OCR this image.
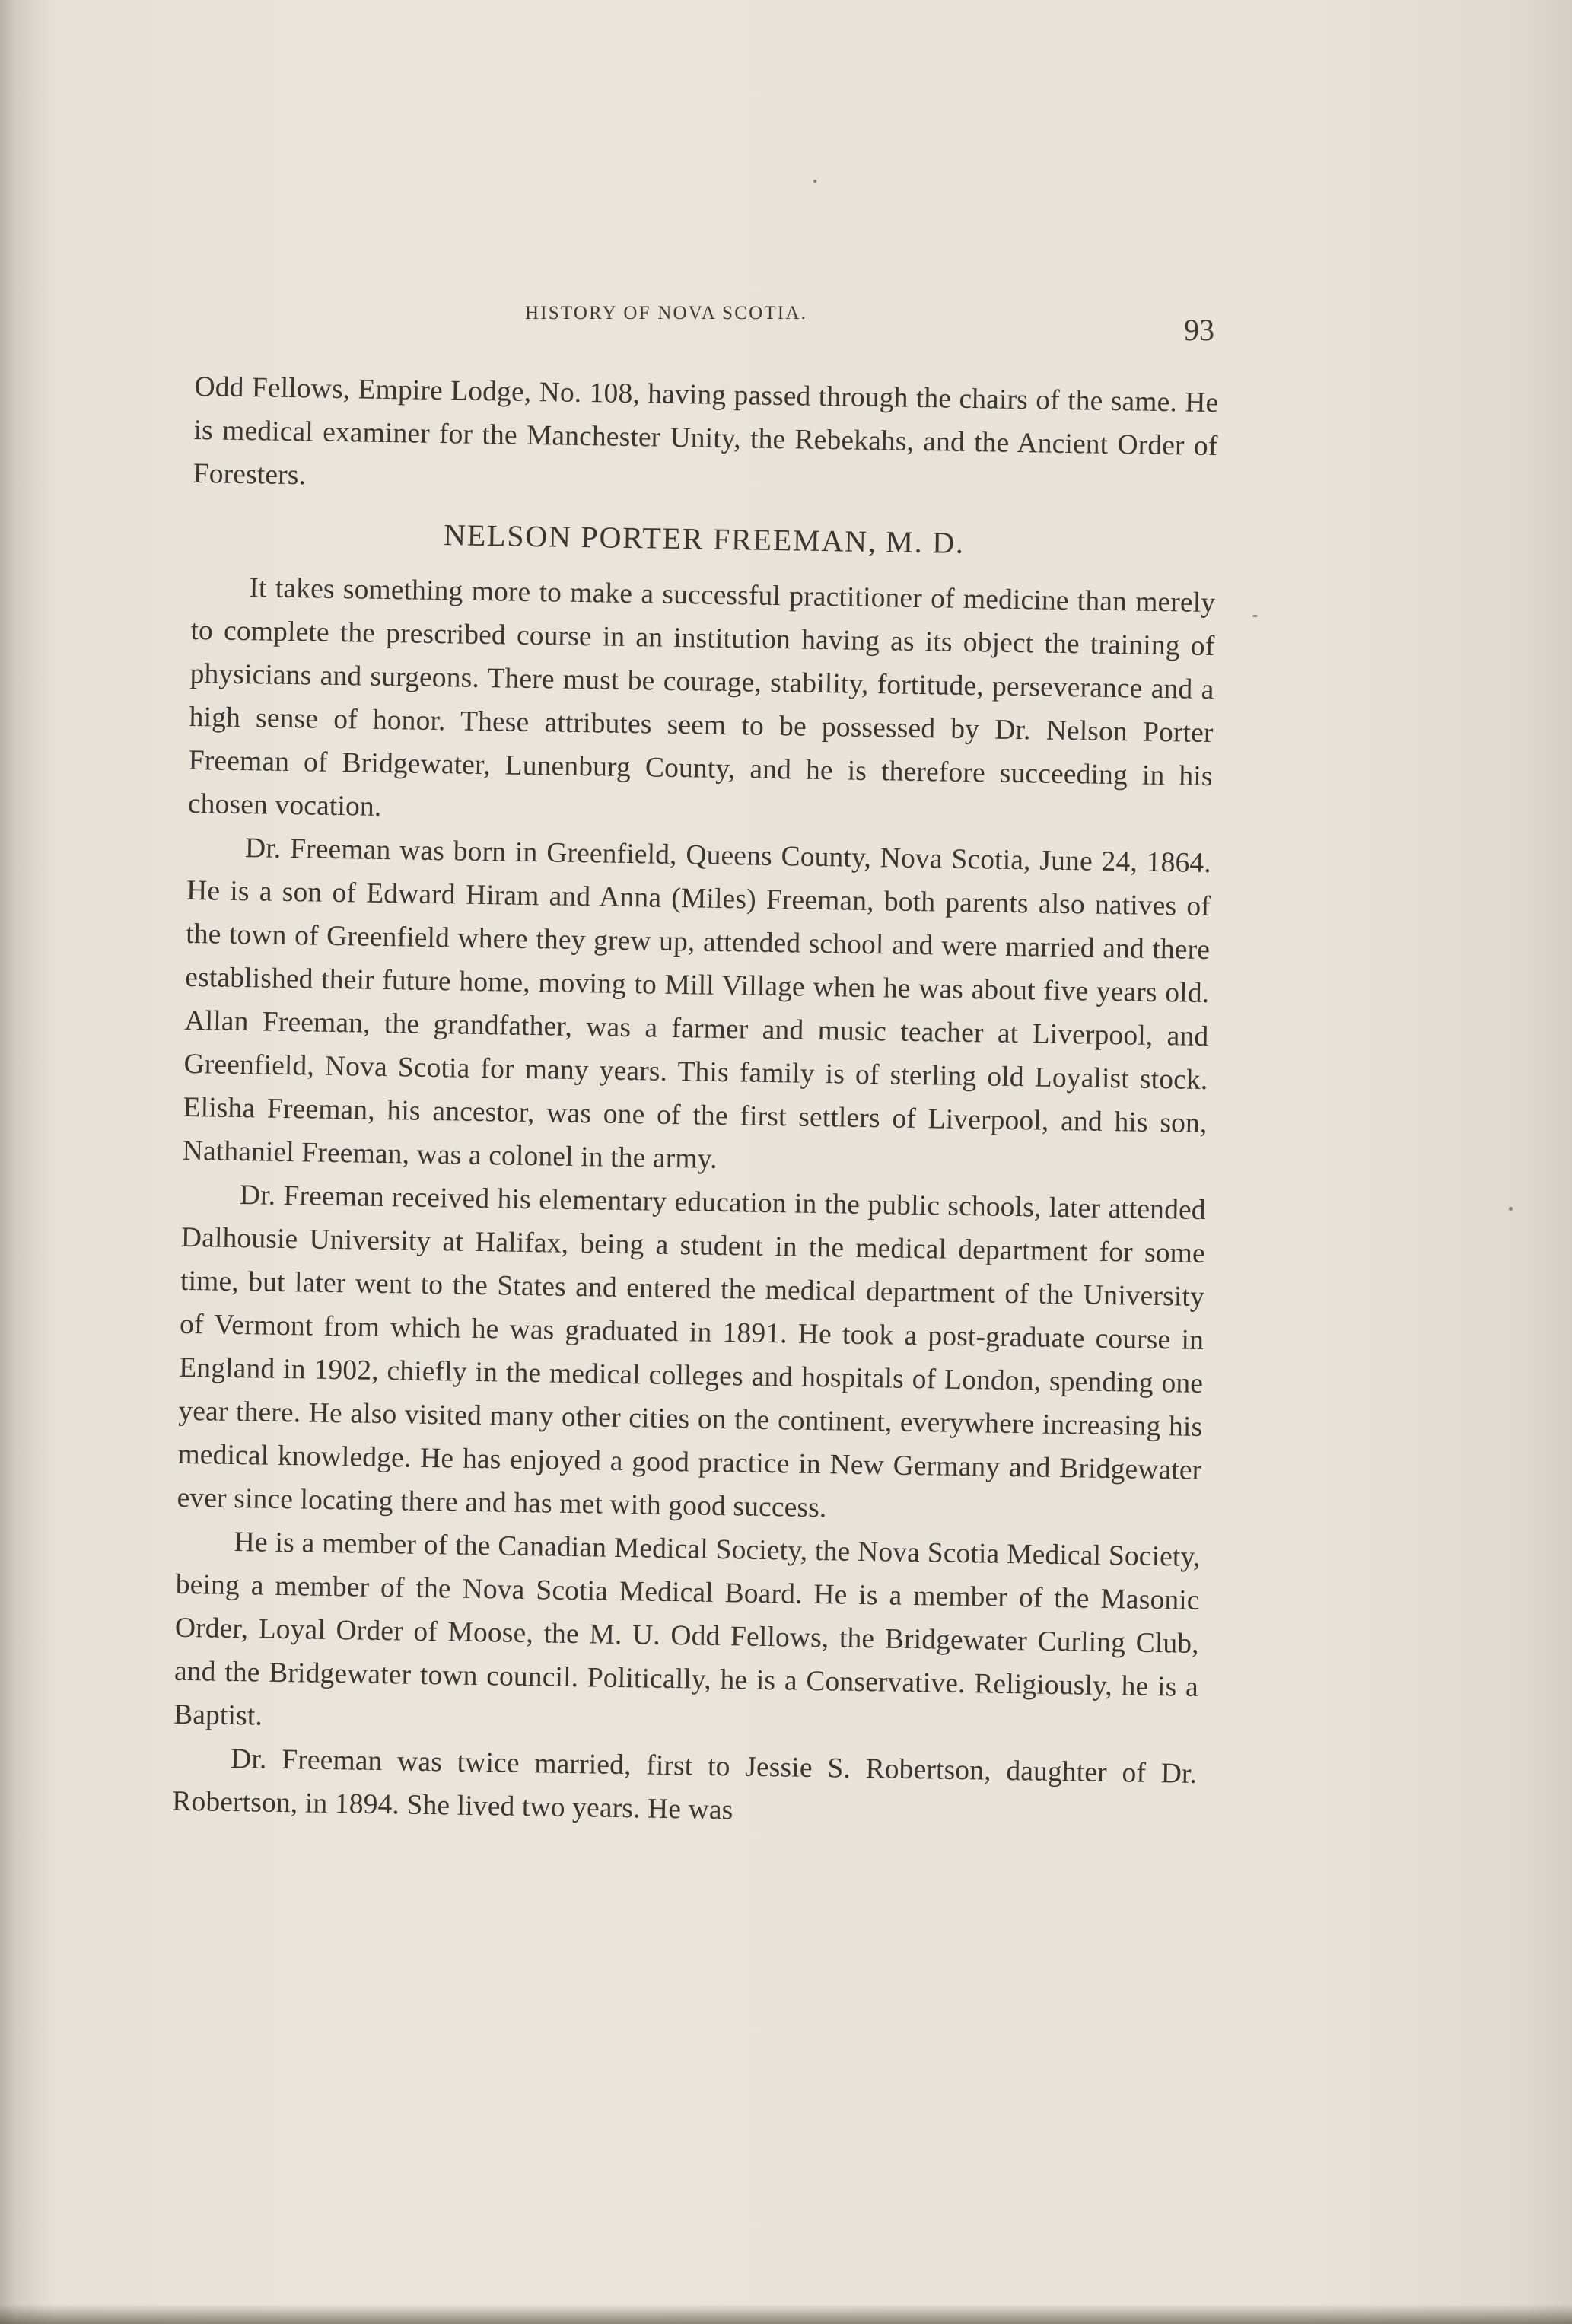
HISTORY OF NOVA SCOTIA.	93

Odd Fellows, Empire Lodge, No. 108, having passed through the chairs of the same. He is medical examiner for the Manchester Unity, the Rebekahs, and the Ancient Order of Foresters.

NELSON PORTER FREEMAN, M. D.

It takes something more to make a successful practitioner of medicine than merely to complete the prescribed course in an institution having as its object the training of physicians and surgeons. There must be courage, stability, fortitude, perseverance and a high sense of honor. These attributes seem to be possessed by Dr. Nelson Porter Freeman of Bridgewater, Lunenburg County, and he is therefore succeeding in his chosen vocation.

Dr. Freeman was born in Greenfield, Queens County, Nova Scotia, June 24, 1864. He is a son of Edward Hiram and Anna (Miles) Freeman, both parents also natives of the town of Greenfield where they grew up, attended school and were married and there established their future home, moving to Mill Village when he was about five years old. Allan Freeman, the grandfather, was a farmer and music teacher at Liverpool, and Greenfield, Nova Scotia for many years. This family is of sterling old Loyalist stock. Elisha Freeman, his ancestor, was one of the first settlers of Liverpool, and his son, Nathaniel Freeman, was a colonel in the army.

Dr. Freeman received his elementary education in the public schools, later attended Dalhousie University at Halifax, being a student in the medical department for some time, but later went to the States and entered the medical department of the University of Vermont from which he was graduated in 1891. He took a post-graduate course in England in 1902, chiefly in the medical colleges and hospitals of London, spending one year there. He also visited many other cities on the continent, everywhere increasing his medical knowledge. He has enjoyed a good practice in New Germany and Bridgewater ever since locating there and has met with good success.

He is a member of the Canadian Medical Society, the Nova Scotia Medical Society, being a member of the Nova Scotia Medical Board. He is a member of the Masonic Order, Loyal Order of Moose, the M. U. Odd Fellows, the Bridgewater Curling Club, and the Bridgewater town council. Politically, he is a Conservative. Religiously, he is a Baptist.

Dr. Freeman was twice married, first to Jessie S. Robertson, daughter of Dr. Robertson, in 1894. She lived two years. He was
